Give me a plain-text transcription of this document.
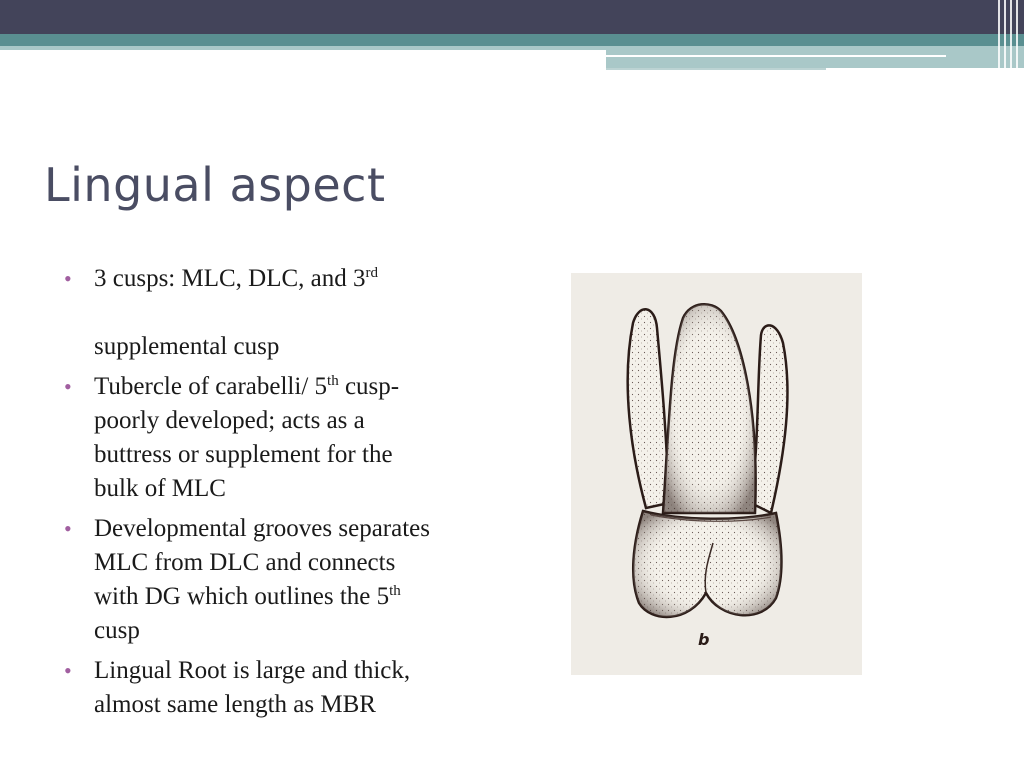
Lingual aspect
• 3 cusps: MLC, DLC, and 3rd

supplemental cusp
• Tubercle of carabelli/ 5th cusp-
poorly developed; acts as a
buttress or supplement for the
bulk of MLC
• Developmental grooves separates
MLC from DLC and connects
with DG which outlines the 5th
cusp
• Lingual Root is large and thick,
almost same length as MBR
b
